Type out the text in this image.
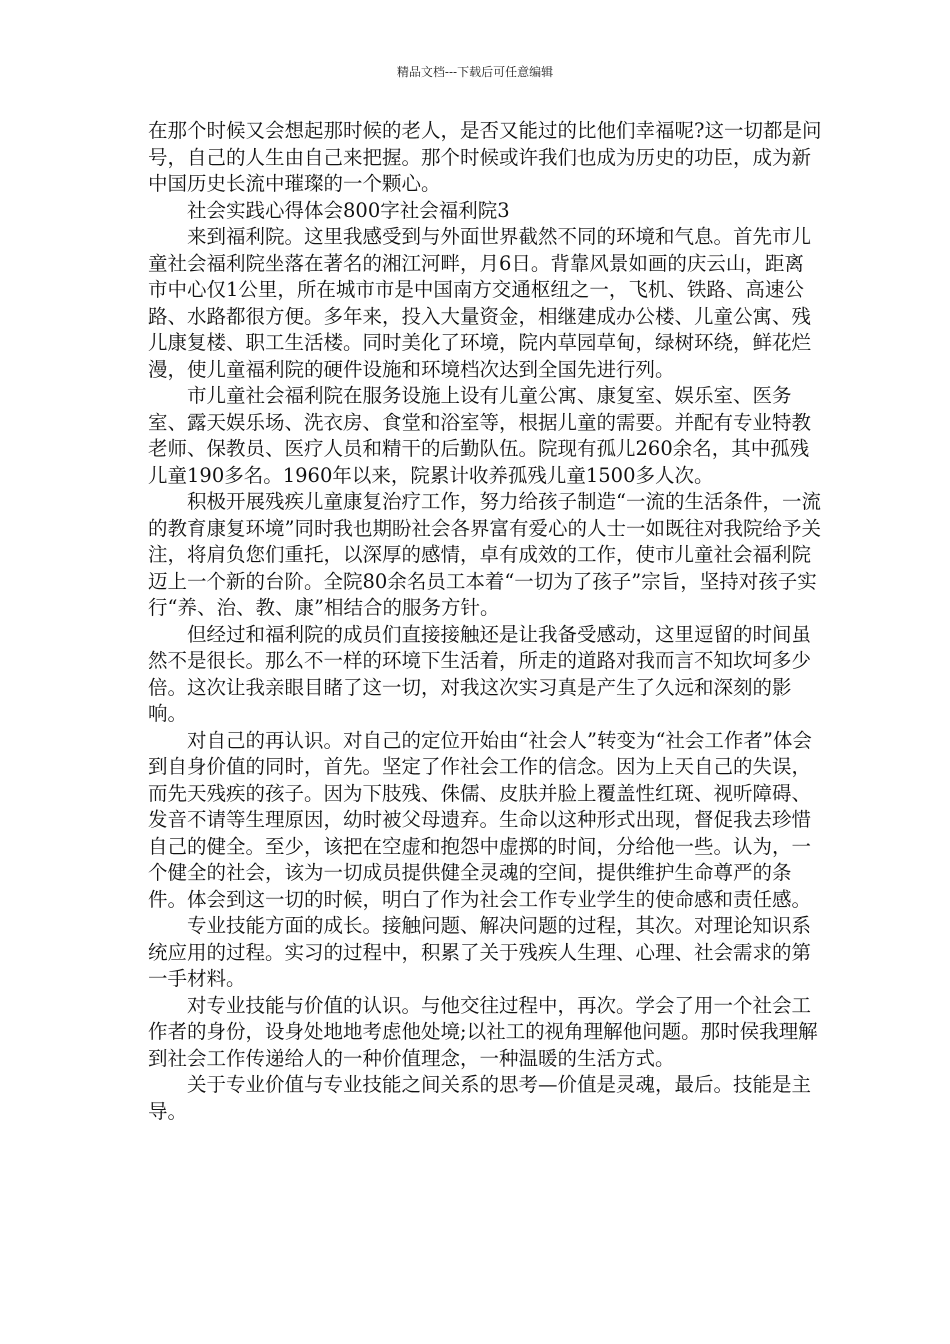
精品文档---下载后可任意编辑

在那个时候又会想起那时候的老人，是否又能过的比他们幸福呢?这一切都是问号，自己的人生由自己来把握。那个时候或许我们也成为历史的功臣，成为新中国历史长流中璀璨的一个颗心。

社会实践心得体会800字社会福利院3

来到福利院。这里我感受到与外面世界截然不同的环境和气息。首先市儿童社会福利院坐落在著名的湘江河畔，月6日。背靠风景如画的庆云山，距离市中心仅1公里，所在城市市是中国南方交通枢纽之一，飞机、铁路、高速公路、水路都很方便。多年来，投入大量资金，相继建成办公楼、儿童公寓、残儿康复楼、职工生活楼。同时美化了环境，院内草园草甸，绿树环绕，鲜花烂漫，使儿童福利院的硬件设施和环境档次达到全国先进行列。

市儿童社会福利院在服务设施上设有儿童公寓、康复室、娱乐室、医务室、露天娱乐场、洗衣房、食堂和浴室等，根据儿童的需要。并配有专业特教老师、保教员、医疗人员和精干的后勤队伍。院现有孤儿260余名，其中孤残儿童190多名。1960年以来，院累计收养孤残儿童1500多人次。

积极开展残疾儿童康复治疗工作，努力给孩子制造“一流的生活条件，一流的教育康复环境”同时我也期盼社会各界富有爱心的人士一如既往对我院给予关注，将肩负您们重托，以深厚的感情，卓有成效的工作，使市儿童社会福利院迈上一个新的台阶。全院80余名员工本着“一切为了孩子”宗旨，坚持对孩子实行“养、治、教、康”相结合的服务方针。

但经过和福利院的成员们直接接触还是让我备受感动，这里逗留的时间虽然不是很长。那么不一样的环境下生活着，所走的道路对我而言不知坎坷多少倍。这次让我亲眼目睹了这一切，对我这次实习真是产生了久远和深刻的影响。

对自己的再认识。对自己的定位开始由“社会人”转变为“社会工作者”体会到自身价值的同时，首先。坚定了作社会工作的信念。因为上天自己的失误，而先天残疾的孩子。因为下肢残、侏儒、皮肤并脸上覆盖性红斑、视听障碍、发音不请等生理原因，幼时被父母遗弃。生命以这种形式出现，督促我去珍惜自己的健全。至少，该把在空虚和抱怨中虚掷的时间，分给他一些。认为，一个健全的社会，该为一切成员提供健全灵魂的空间，提供维护生命尊严的条件。体会到这一切的时候，明白了作为社会工作专业学生的使命感和责任感。

专业技能方面的成长。接触问题、解决问题的过程，其次。对理论知识系统应用的过程。实习的过程中，积累了关于残疾人生理、心理、社会需求的第一手材料。

对专业技能与价值的认识。与他交往过程中，再次。学会了用一个社会工作者的身份，设身处地地考虑他处境;以社工的视角理解他问题。那时侯我理解到社会工作传递给人的一种价值理念，一种温暖的生活方式。

关于专业价值与专业技能之间关系的思考—价值是灵魂，最后。技能是主导。
